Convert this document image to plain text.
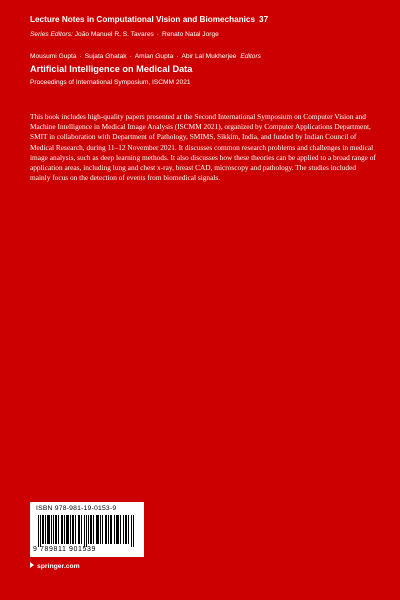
Lecture Notes in Computational Vision and Biomechanics 37
Series Editors: João Manuel R. S. Tavares · Renato Natal Jorge
Mousumi Gupta · Sujata Ghatak · Amlan Gupta · Abir Lal Mukherjee Editors
Artificial Intelligence on Medical Data
Proceedings of International Symposium, ISCMM 2021

This book includes high-quality papers presented at the Second International Symposium on Computer Vision and Machine Intelligence in Medical Image Analysis (ISCMM 2021), organized by Computer Applications Department, SMIT in collaboration with Department of Pathology, SMIMS, Sikkim, India, and funded by Indian Council of Medical Research, during 11–12 November 2021. It discusses common research problems and challenges in medical image analysis, such as deep learning methods. It also discusses how these theories can be applied to a broad range of application areas, including lung and chest x-ray, breast CAD, microscopy and pathology. The studies included mainly focus on the detection of events from biomedical signals.

ISBN 978-981-19-0153-9
9 789811 901539
springer.com
